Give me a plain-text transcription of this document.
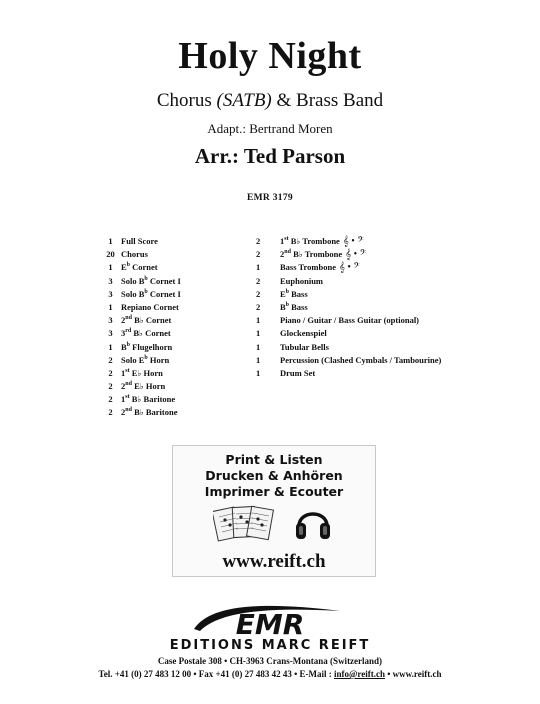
Holy Night
Chorus (SATB) & Brass Band
Adapt.: Bertrand Moren
Arr.: Ted Parson
EMR 3179
1 Full Score
20 Chorus
1 $E^b$ Cornet
3 Solo $B^b$ Cornet I
3 Solo $B^b$ Cornet I
1 Repiano Cornet
3 2nd B♭ Cornet
3 3rd B♭ Cornet
1 $B^b$ Flugelhorn
2 Solo $E^b$ Horn
2 1st E♭ Horn
2 2nd E♭ Horn
2 1st B♭ Baritone
2 2nd B♭ Baritone
2	1st B♭ Trombone 𝄞 • 𝄢
2	2nd B♭ Trombone 𝄞 • 𝄢
1	Bass Trombone 𝄞 • 𝄢
2	Euphonium
2	$E^b$ Bass
2	$B^b$ Bass
1	Piano / Guitar / Bass Guitar (optional)
1	Glockenspiel
1	Tubular Bells
1	Percussion (Clashed Cymbals / Tambourine)
1	Drum Set
Print & Listen
Drucken & Anhören
Imprimer & Ecouter
www.reift.ch
EMR
EDITIONS MARC REIFT
Case Postale 308 • CH-3963 Crans-Montana (Switzerland)
Tel. +41 (0) 27 483 12 00 • Fax +41 (0) 27 483 42 43 • E-Mail : info@reift.ch • www.reift.ch
